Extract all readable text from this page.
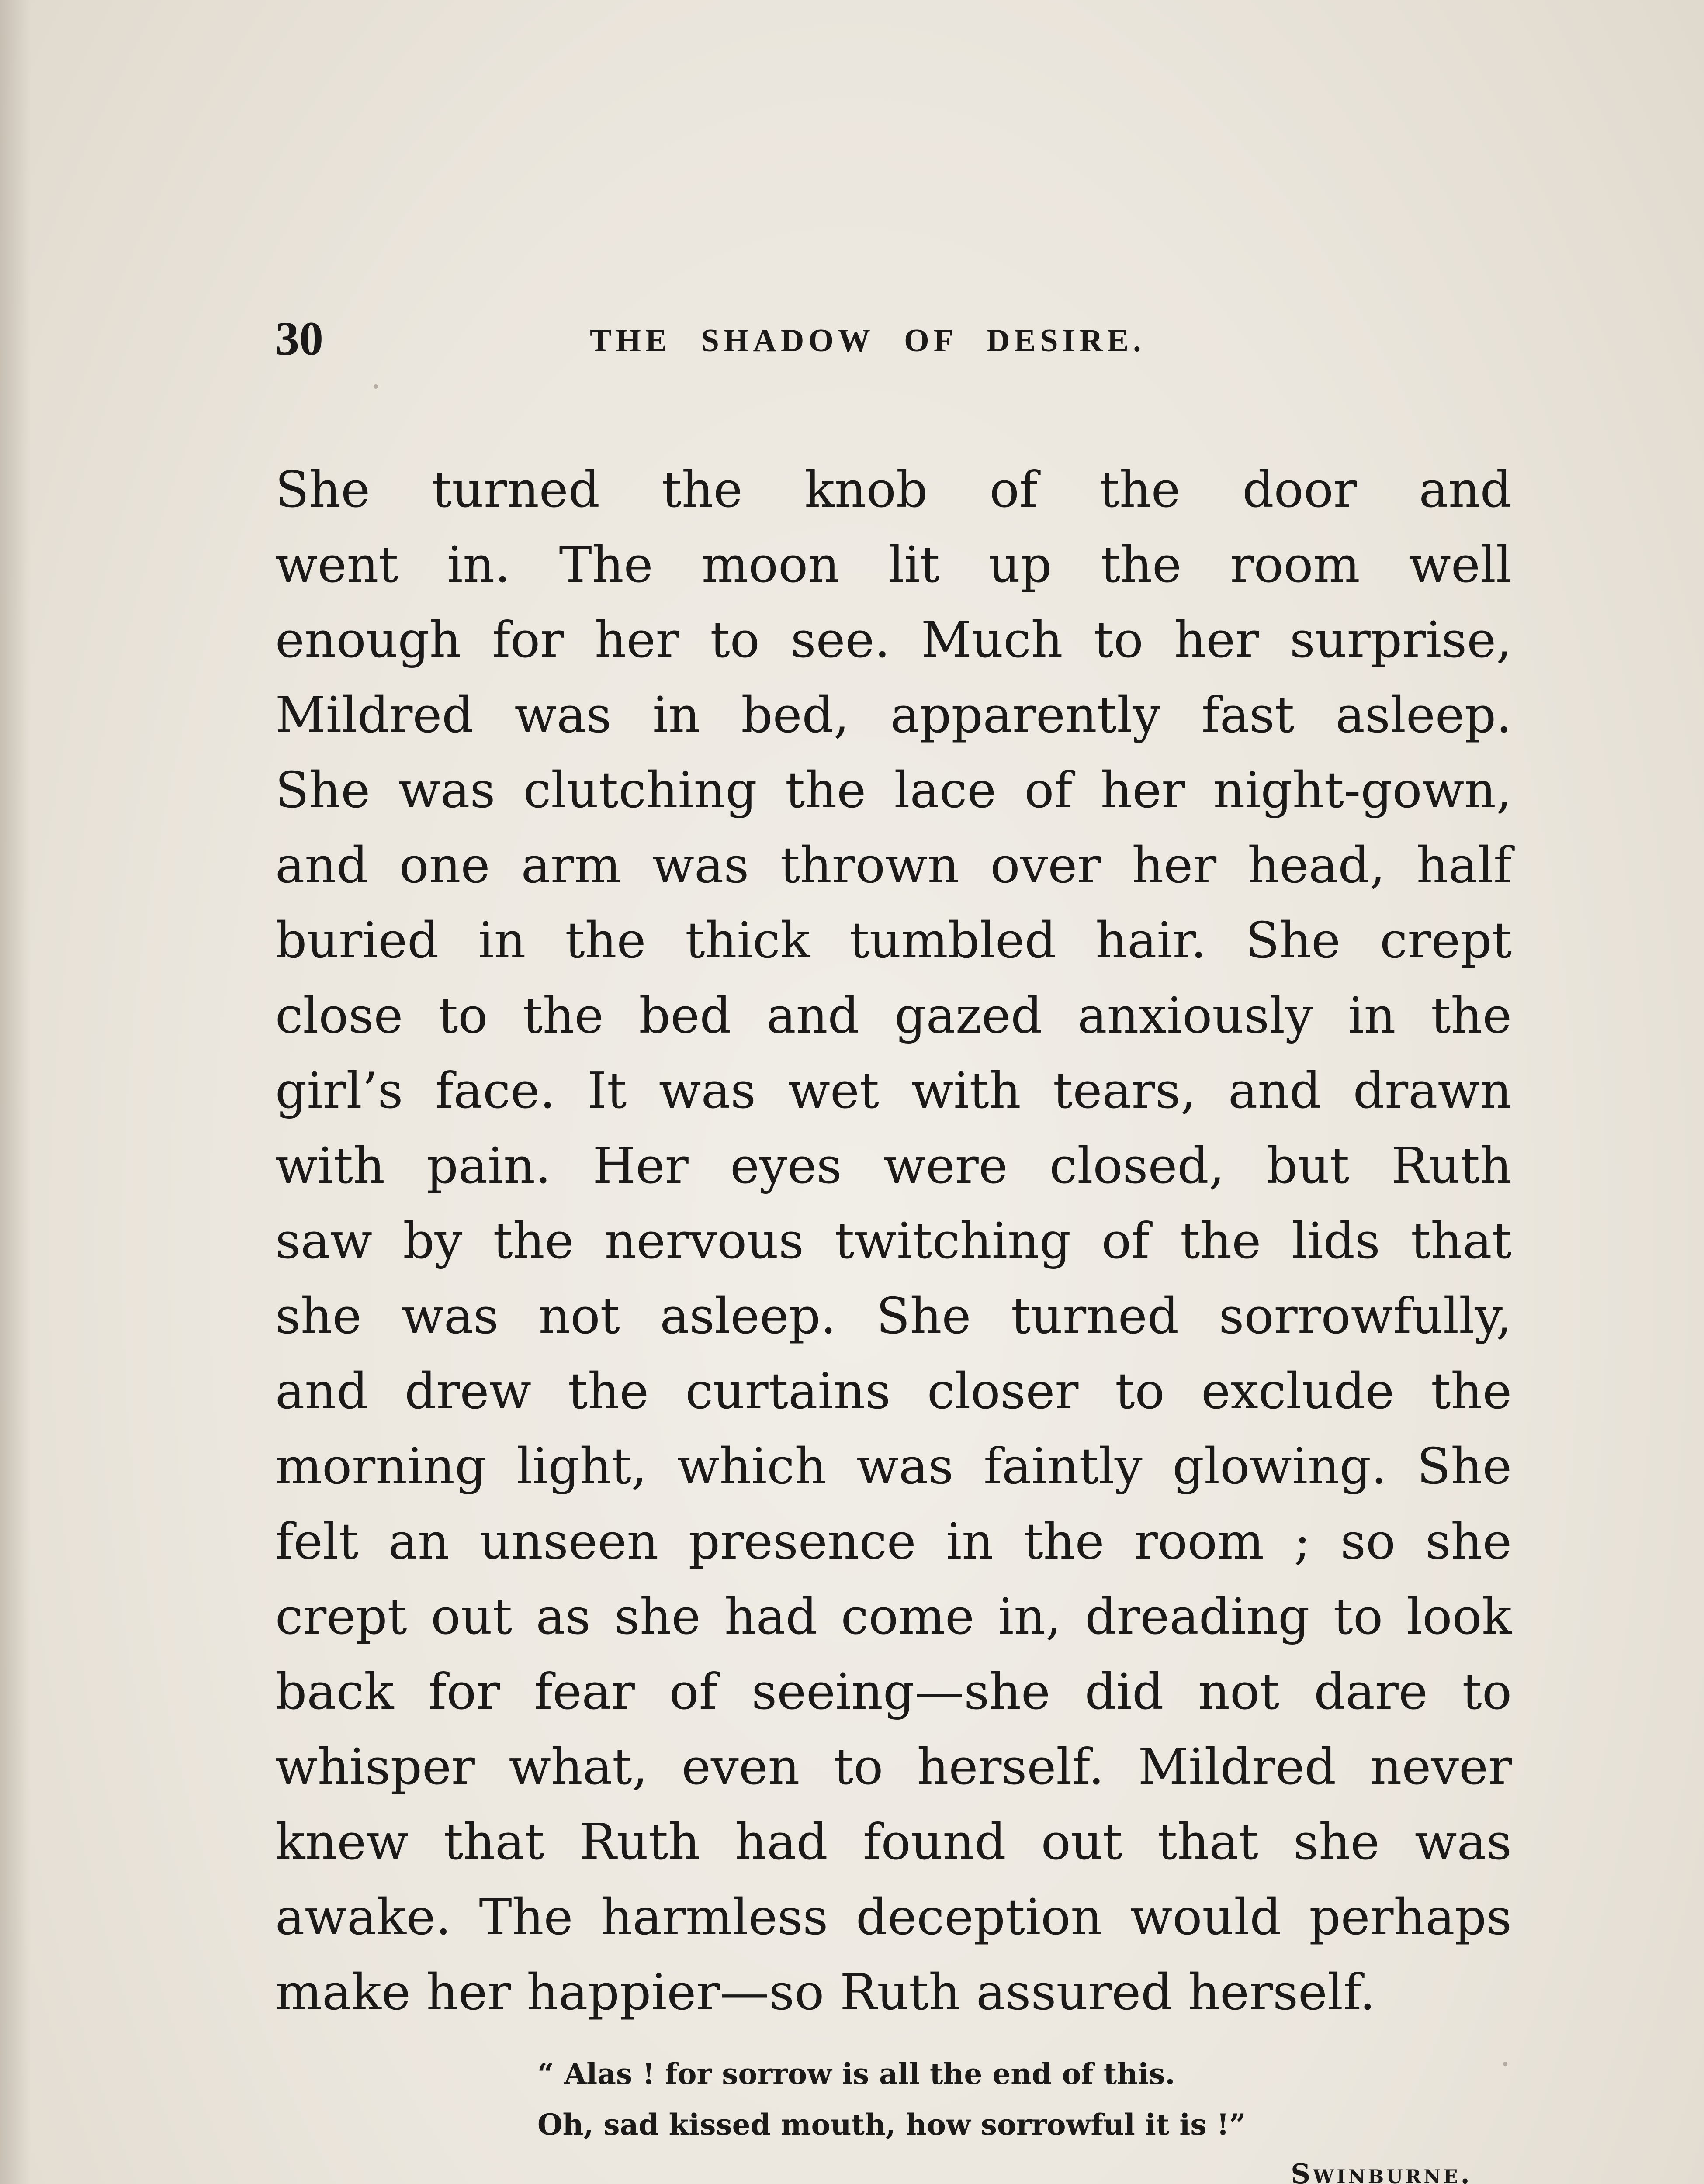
30	THE SHADOW OF DESIRE.
She turned the knob of the door and
went in. The moon lit up the room well
enough for her to see. Much to her surprise,
Mildred was in bed, apparently fast asleep.
She was clutching the lace of her night-gown,
and one arm was thrown over her head, half
buried in the thick tumbled hair. She crept
close to the bed and gazed anxiously in the
girl’s face. It was wet with tears, and drawn
with pain. Her eyes were closed, but Ruth
saw by the nervous twitching of the lids that
she was not asleep. She turned sorrowfully,
and drew the curtains closer to exclude the
morning light, which was faintly glowing. She
felt an unseen presence in the room ; so she
crept out as she had come in, dreading to look
back for fear of seeing—she did not dare to
whisper what, even to herself. Mildred never
knew that Ruth had found out that she was
awake. The harmless deception would perhaps
make her happier—so Ruth assured herself.
“ Alas ! for sorrow is all the end of this.
Oh, sad kissed mouth, how sorrowful it is !”
Swinburne.
